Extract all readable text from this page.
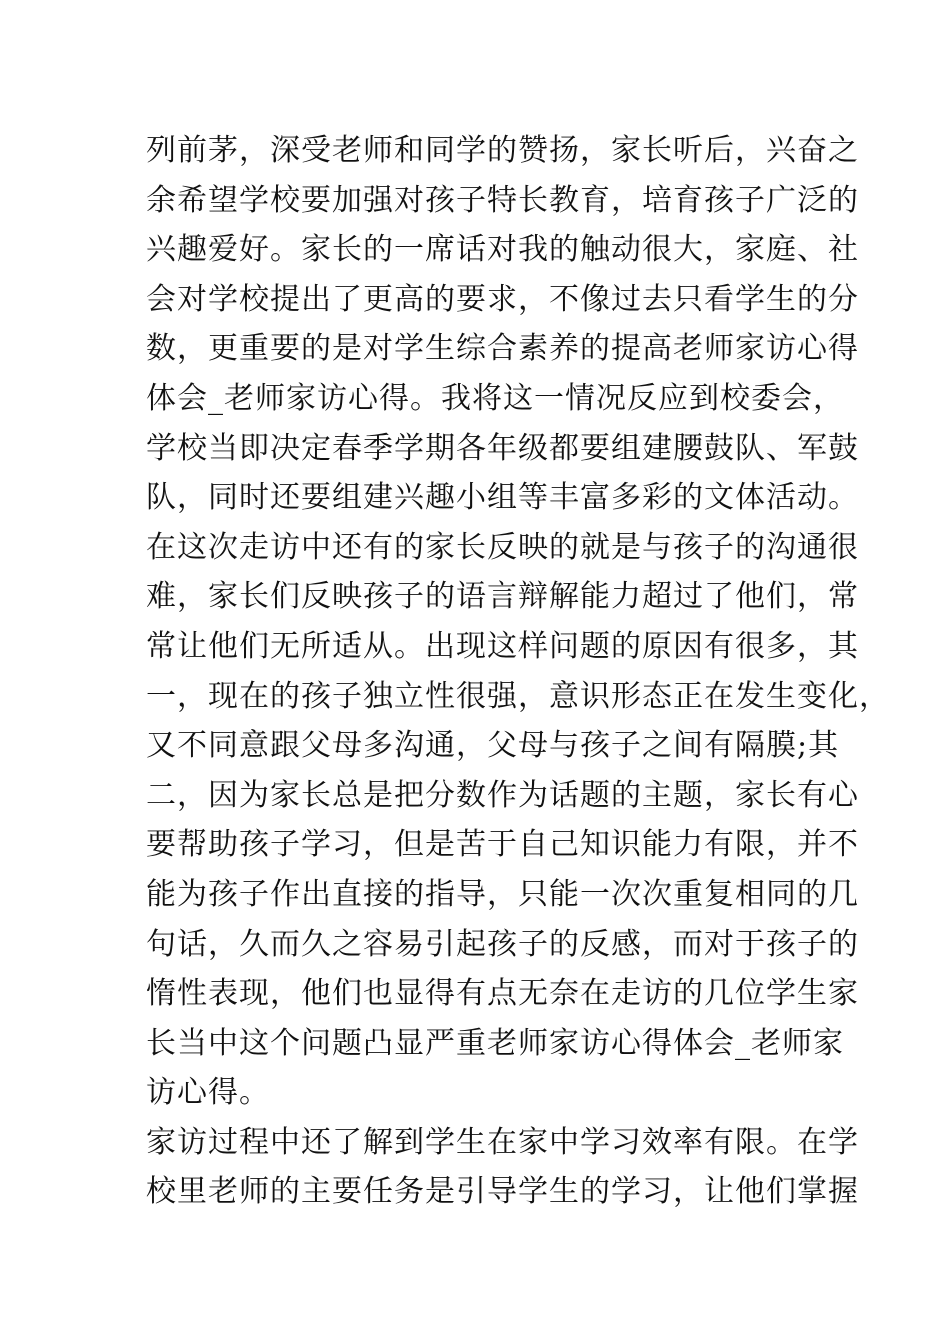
列前茅，深受老师和同学的赞扬，家长听后，兴奋之
余希望学校要加强对孩子特长教育，培育孩子广泛的
兴趣爱好。家长的一席话对我的触动很大，家庭、社
会对学校提出了更高的要求，不像过去只看学生的分
数，更重要的是对学生综合素养的提高老师家访心得
体会_老师家访心得。我将这一情况反应到校委会，
学校当即决定春季学期各年级都要组建腰鼓队、军鼓
队，同时还要组建兴趣小组等丰富多彩的文体活动。
在这次走访中还有的家长反映的就是与孩子的沟通很
难，家长们反映孩子的语言辩解能力超过了他们，常
常让他们无所适从。出现这样问题的原因有很多，其
一，现在的孩子独立性很强，意识形态正在发生变化，
又不同意跟父母多沟通，父母与孩子之间有隔膜;其
二，因为家长总是把分数作为话题的主题，家长有心
要帮助孩子学习，但是苦于自己知识能力有限，并不
能为孩子作出直接的指导，只能一次次重复相同的几
句话，久而久之容易引起孩子的反感，而对于孩子的
惰性表现，他们也显得有点无奈在走访的几位学生家
长当中这个问题凸显严重老师家访心得体会_老师家
访心得。
家访过程中还了解到学生在家中学习效率有限。在学
校里老师的主要任务是引导学生的学习，让他们掌握
